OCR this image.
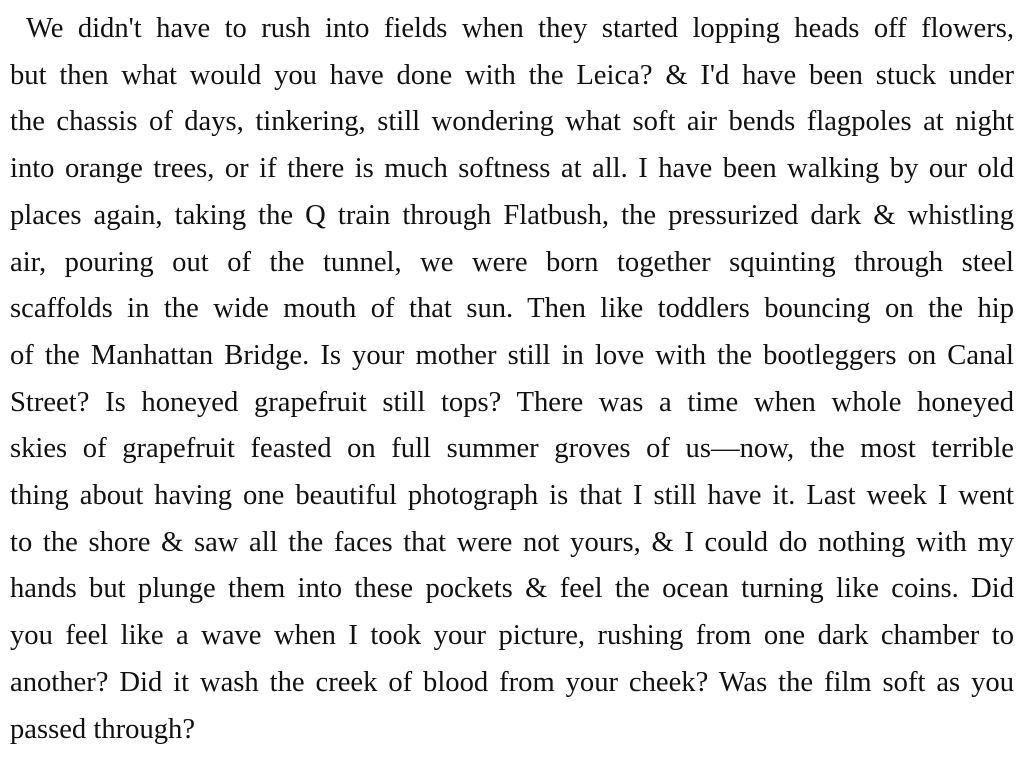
We didn't have to rush into fields when they started lopping heads off flowers,
but then what would you have done with the Leica? & I'd have been stuck under
the chassis of days, tinkering, still wondering what soft air bends flagpoles at night
into orange trees, or if there is much softness at all. I have been walking by our old
places again, taking the Q train through Flatbush, the pressurized dark & whistling
air, pouring out of the tunnel, we were born together squinting through steel
scaffolds in the wide mouth of that sun. Then like toddlers bouncing on the hip
of the Manhattan Bridge. Is your mother still in love with the bootleggers on Canal
Street? Is honeyed grapefruit still tops? There was a time when whole honeyed
skies of grapefruit feasted on full summer groves of us—now, the most terrible
thing about having one beautiful photograph is that I still have it. Last week I went
to the shore & saw all the faces that were not yours, & I could do nothing with my
hands but plunge them into these pockets & feel the ocean turning like coins. Did
you feel like a wave when I took your picture, rushing from one dark chamber to
another? Did it wash the creek of blood from your cheek? Was the film soft as you
passed through?
